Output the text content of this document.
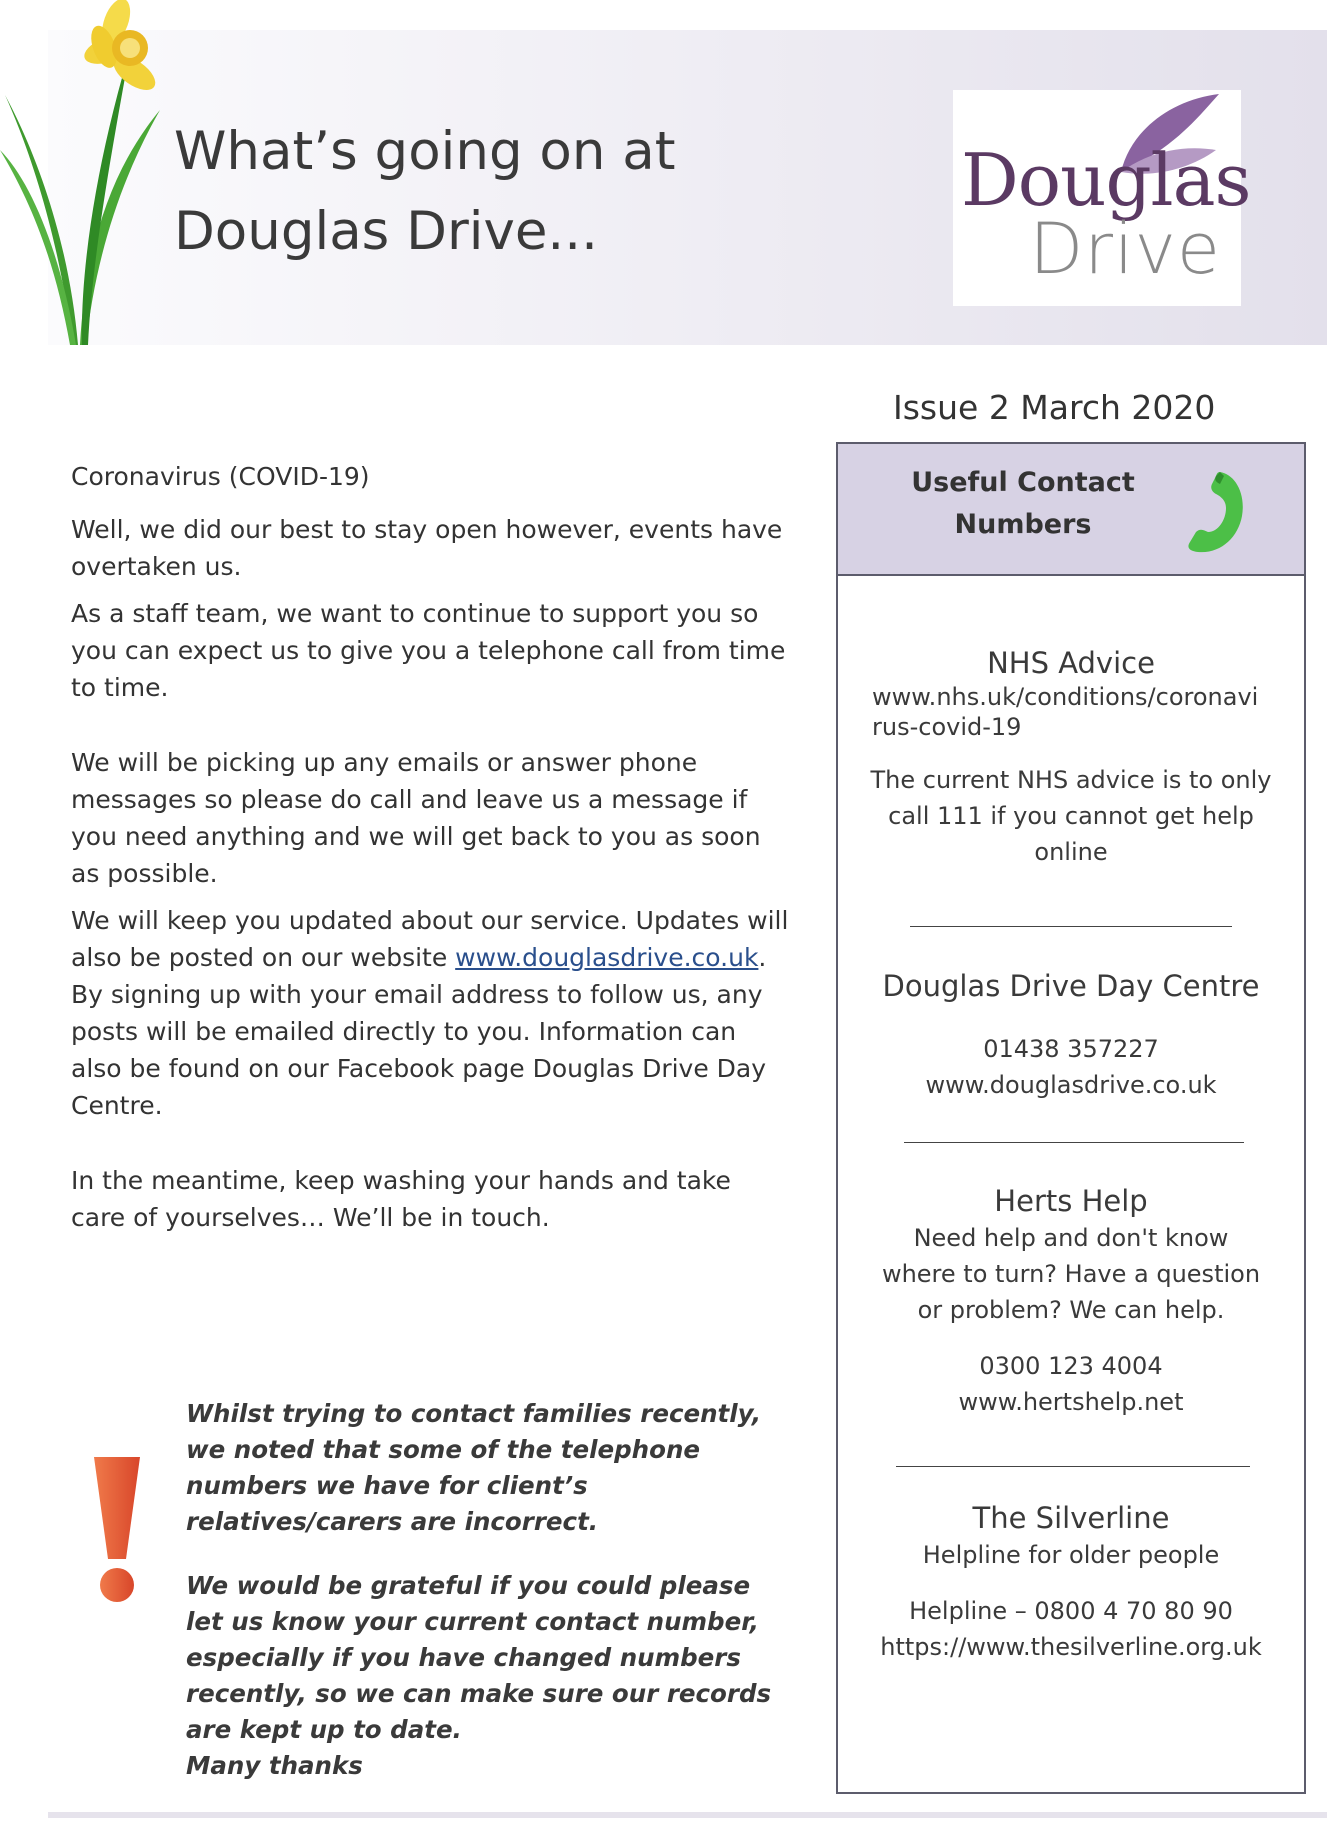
What’s going on at
Douglas Drive...
Douglas
Drive
Issue 2 March 2020

Coronavirus (COVID-19)

Well, we did our best to stay open however, events have overtaken us.

As a staff team, we want to continue to support you so you can expect us to give you a telephone call from time to time.

We will be picking up any emails or answer phone messages so please do call and leave us a message if you need anything and we will get back to you as soon as possible.

We will keep you updated about our service. Updates will also be posted on our website www.douglasdrive.co.uk. By signing up with your email address to follow us, any posts will be emailed directly to you. Information can also be found on our Facebook page Douglas Drive Day Centre.

In the meantime, keep washing your hands and take care of yourselves… We’ll be in touch.

Whilst trying to contact families recently, we noted that some of the telephone numbers we have for client’s relatives/carers are incorrect.

We would be grateful if you could please let us know your current contact number, especially if you have changed numbers recently, so we can make sure our records are kept up to date.
Many thanks

Useful Contact
Numbers
NHS Advice
www.nhs.uk/conditions/coronavi
rus-covid-19
The current NHS advice is to only
call 111 if you cannot get help
online
Douglas Drive Day Centre
01438 357227
www.douglasdrive.co.uk
Herts Help
Need help and don't know
where to turn? Have a question
or problem? We can help.
0300 123 4004
www.hertshelp.net
The Silverline
Helpline for older people
Helpline – 0800 4 70 80 90
https://www.thesilverline.org.uk
